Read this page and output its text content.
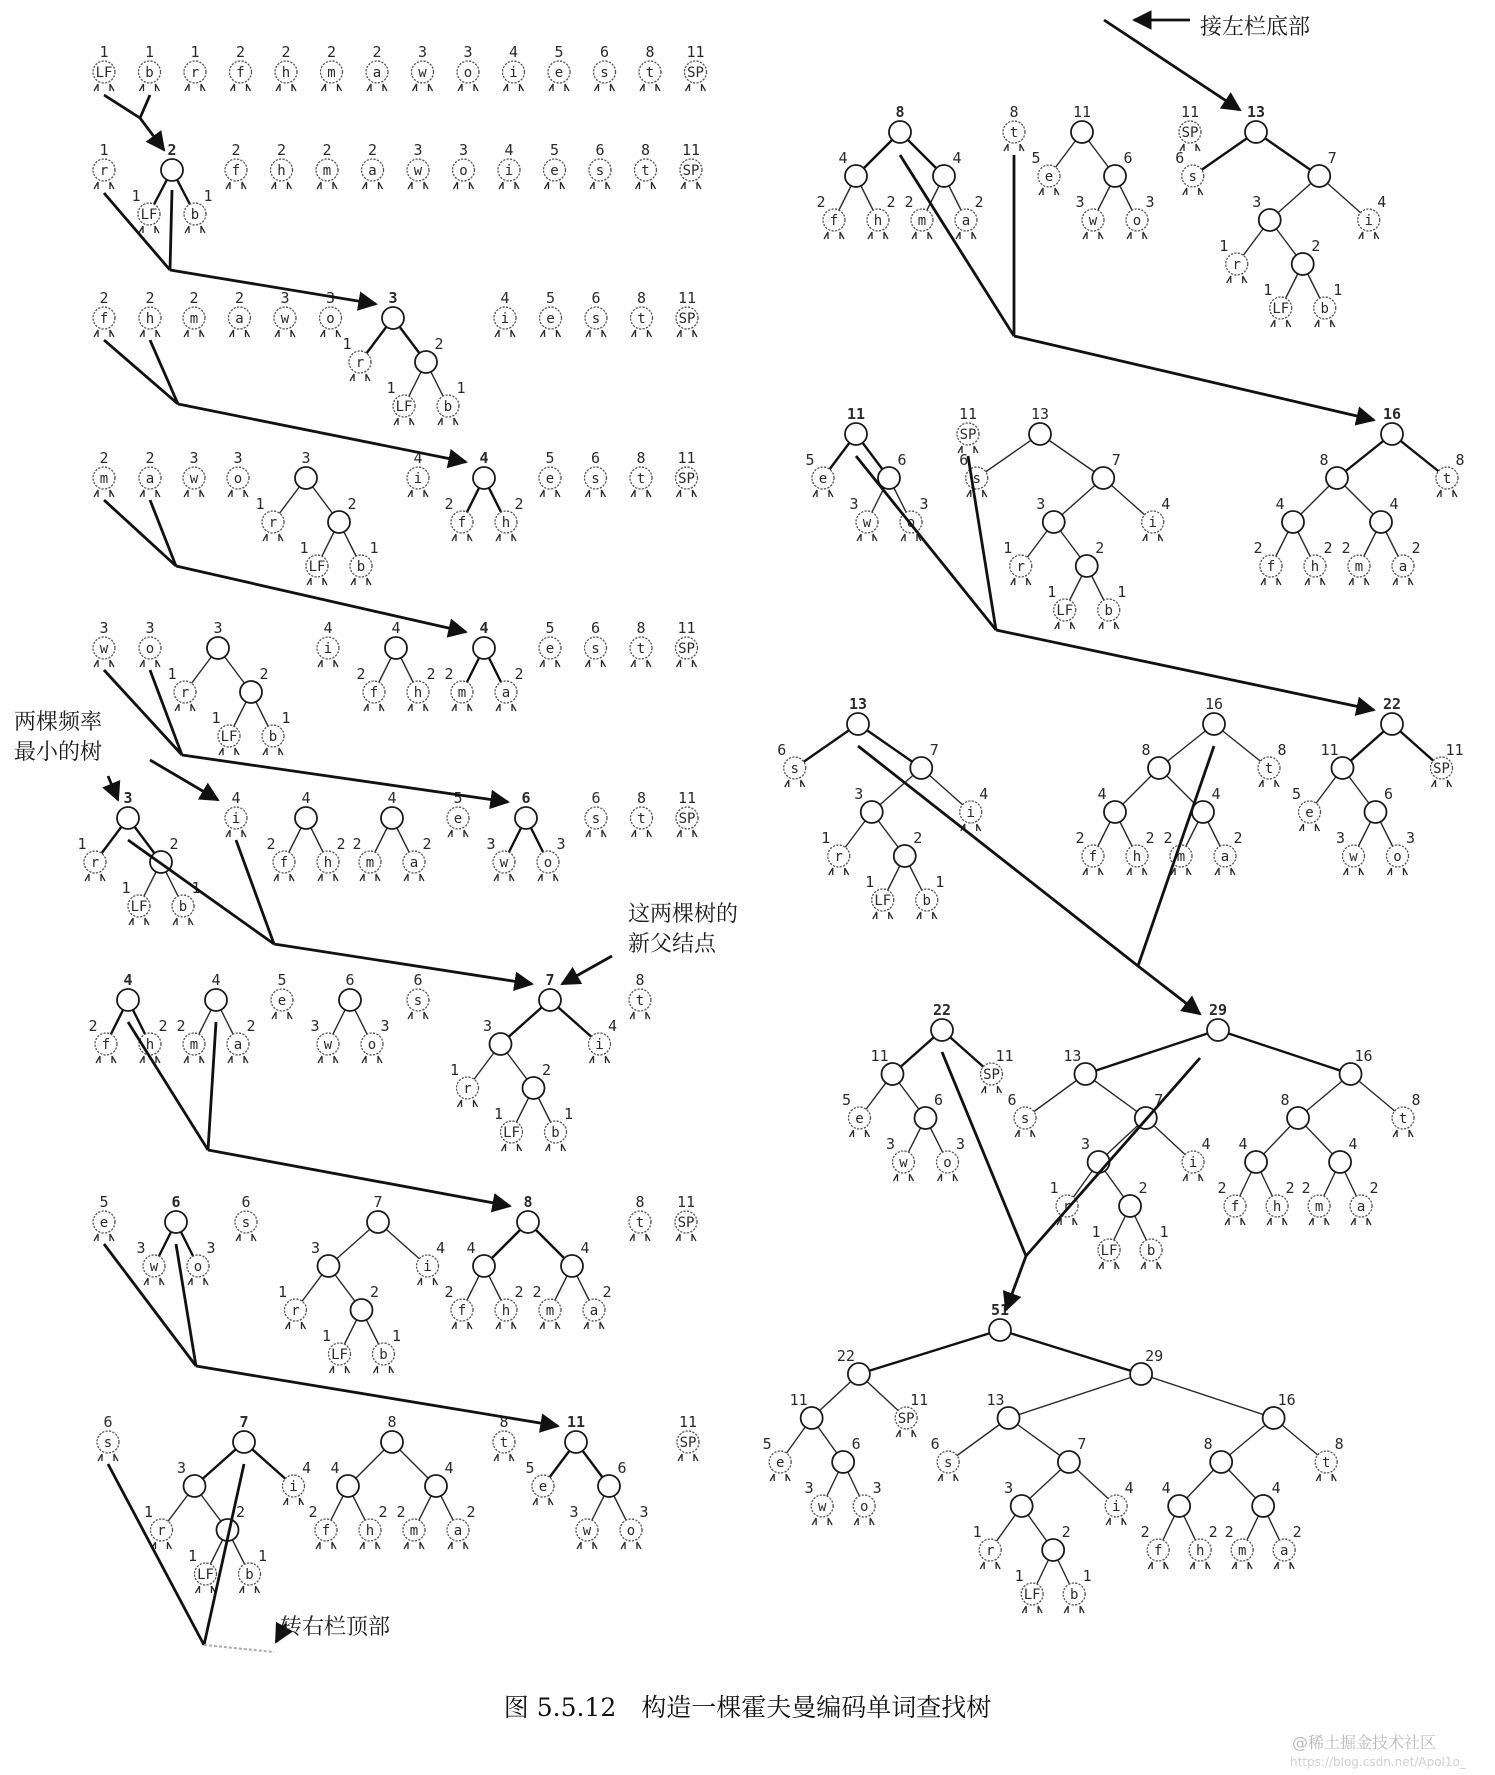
1
LF
1
b
1
r
2
f
2
h
2
m
2
a
3
w
3
o
4
i
5
e
6
s
8
t
11
SP
1
r
1
LF
1
b
2	2
f
2
h
2
m
2
a
3
w
3
o
4
i
5
e
6
s
8
t
11
SP
2
f
2
h
2
m
2
a
3
w
3
o
1
r
1
LF
1
b
2
3	4
i
5
e
6
s
8
t
11
SP
2
m
2
a
3
w
3
o
1
r
1
LF
1
b
2
3	4
i
2
f
2
h
4	5
e
6
s
8
t
11
SP
3
w
3
o
1
r
1
LF
1
b
2
3	4
i
2
f
2
h
4
2
m
2
a
4	5
e
6
s
8
t
11
SP
1
r
1
LF
1
b
2
3	4
i
2
f
2
h
4
2
m
2
a
4	5
e
3
w
3
o
6	6
s
8
t
11
SP
2
f
2
h
4
2
m
2
a
4	5
e
3
w
3
o
6	6
s
1
r
1
LF
1
b
2
3	4
i
7	8
t
5
e
3
w
3
o
6	6
s
1
r
1
LF
1
b
2
3	4
i
7
2
f
2
h
4
2
m
2
a
4
8	8
t
11
SP
6
s
1
r
1
LF
1
b
2
3	4
i
7
2
f
2
h
4
2
m
2
a
4
8	8
t
5
e
3
w
3
o
6
11	11
SP
2
f
2
h
4
2
m
2
a
4
8	8
t
5
e
3
w
3
o
6
11	11
SP
6
s
1
r
1
LF
1
b
2
3	4
i
7
13
5
e
3
w
3
o
6
11	11
SP
6
s
1
r
1
LF
1
b
2
3	4
i
7
13
2
f
2
h
4
2
m
2
a
4
8	8
t
16
6
s
1
r
1
LF
1
b
2
3	4
i
7
13
2
f
2
h
4
2
m
2
a
4
8	8
t
16
5
e
3
w
3
o
6
11	11
SP
22
5
e
3
w
3
o
6
11	11
SP
22
6
s
1
r
1
LF
1
b
2
3	4
i
7
13
2
f
2
h
4
2
m
2
a
4
8	8
t
16
29
5
e
3
w
3
o
6
11	11
SP
22
6
s
1
r
1
LF
1
b
2
3	4
i
7
13
2
f
2
h
4
2
m
2
a
4
8	8
t
16
29
51
接左栏底部
两棵频率
最小的树
这两棵树的
新父结点
转右栏顶部
图 5.5.12　构造一棵霍夫曼编码单词查找树
@稀土掘金技术社区
https://blog.csdn.net/Apol1o_
